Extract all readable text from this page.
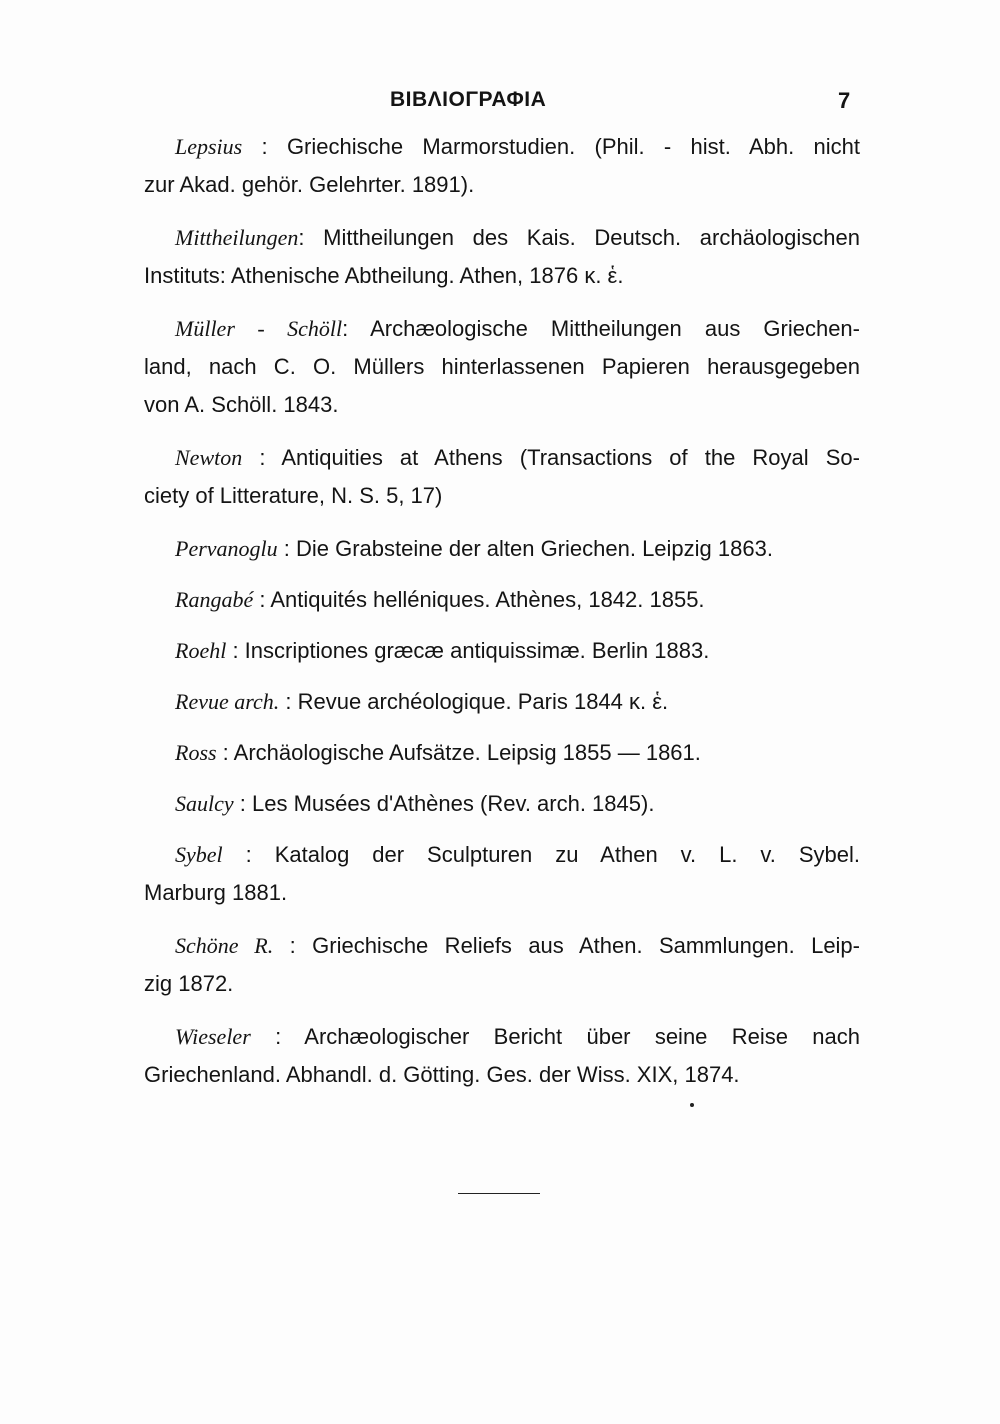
ΒΙΒΛΙΟΓΡΑΦΙΑ	7
Lepsius : Griechische Marmorstudien. (Phil. - hist. Abh. nicht
zur Akad. gehör. Gelehrter. 1891).
Mittheilungen: Mittheilungen des Kais. Deutsch. archäologischen
Instituts: Athenische Abtheilung. Athen, 1876 κ. ἑ.
Müller - Schöll: Archæologische Mittheilungen aus Griechen-
land, nach C. O. Müllers hinterlassenen Papieren herausgegeben
von A. Schöll. 1843.
Newton : Antiquities at Athens (Transactions of the Royal So-
ciety of Litterature, N. S. 5, 17)
Pervanoglu : Die Grabsteine der alten Griechen. Leipzig 1863.
Rangabé : Antiquités helléniques. Athènes, 1842. 1855.
Roehl : Inscriptiones græcæ antiquissimæ. Berlin 1883.
Revue arch. : Revue archéologique. Paris 1844 κ. ἑ.
Ross : Archäologische Aufsätze. Leipsig 1855 — 1861.
Saulcy : Les Musées d'Athènes (Rev. arch. 1845).
Sybel : Katalog der Sculpturen zu Athen v. L. v. Sybel.
Marburg 1881.
Schöne R. : Griechische Reliefs aus Athen. Sammlungen. Leip-
zig 1872.
Wieseler : Archæologischer Bericht über seine Reise nach
Griechenland. Abhandl. d. Götting. Ges. der Wiss. XIX, 1874.
